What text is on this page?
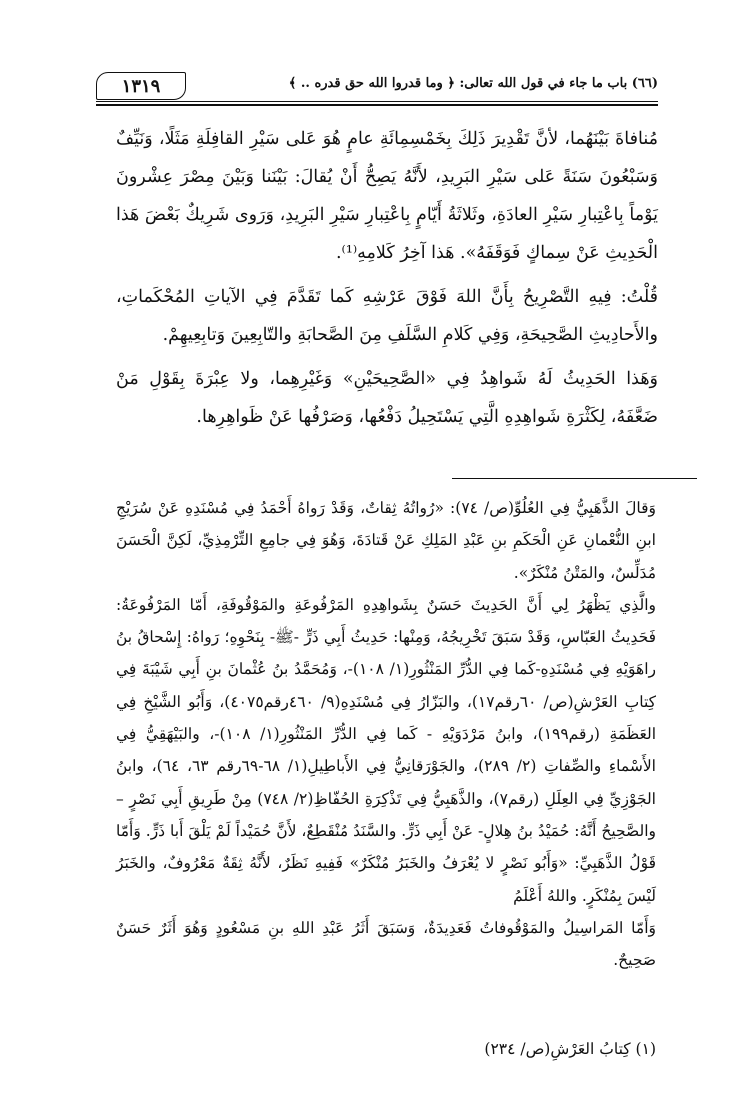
(٦٦) باب ما جاء في قول الله تعالى: ﴿ وما قدروا الله حق قدره .. ﴾
١٣١٩

مُنافاةَ بَيْنَهُما، لأنَّ تَقْدِيرَ ذَلِكَ بِخَمْسِمِائَةِ عامٍ هُوَ عَلى سَيْرِ القافِلَةِ مَثَلًا، وَنَيِّفٌ وَسَبْعُونَ سَنَةً عَلى سَيْرِ البَرِيدِ، لأَنَّهُ يَصِحُّ أَنْ يُقالَ: بَيْنَنا وَبَيْنَ مِصْرَ عِشْرونَ يَوْماً بِاعْتِبارِ سَيْرِ العادَةِ، وثَلاثَةُ أَيّامٍ بِاعْتِبارِ سَيْرِ البَرِيدِ، وَرَوى شَرِيكٌ بَعْضَ هَذا الْحَدِيثِ عَنْ سِماكٍ فَوَقَفَهُ». هَذا آخِرُ كَلامِهِ⁽¹⁾.

قُلْتُ: فِيهِ التَّصْرِيحُ بِأَنَّ اللهَ فَوْقَ عَرْشِهِ كَما تَقَدَّمَ فِي الآياتِ المُحْكَماتِ، والأَحادِيثِ الصَّحِيحَةِ، وَفِي كَلامِ السَّلَفِ مِنَ الصَّحابَةِ والتّابِعِينَ وَتابِعِيهِمْ.

وَهَذا الحَدِيثُ لَهُ شَواهِدُ فِي «الصَّحِيحَيْنِ» وَغَيْرِهِما، ولا عِبْرَةَ بِقَوْلِ مَنْ ضَعَّفَهُ، لِكَثْرَةِ شَواهِدِهِ الَّتِي يَسْتَحِيلُ دَفْعُها، وَصَرْفُها عَنْ ظَواهِرِها.

وَقالَ الذَّهَبِيُّ فِي العُلُوِّ(ص/ ٧٤): «رُواتُهُ ثِقاتٌ، وَقَدْ رَواهُ أَحْمَدُ فِي مُسْنَدِهِ عَنْ سُرَيْجِ ابنِ النُّعْمانِ عَنِ الْحَكَمِ بنِ عَبْدِ المَلِكِ عَنْ قَتادَةَ، وَهُوَ فِي جامِعِ التِّرْمِذِيِّ، لَكِنَّ الْحَسَنَ مُدَلِّسٌ، والمَتْنُ مُنْكَرٌ».

والَّذِي يَظْهَرُ لِي أَنَّ الحَدِيثَ حَسَنٌ بِشَواهِدِهِ المَرْفُوعَةِ والمَوْقُوفَةِ، أَمّا المَرْفُوعَةُ: فَحَدِيثُ العَبّاسِ، وَقَدْ سَبَقَ تَخْرِيجُهُ، وَمِنْها: حَدِيثُ أَبِي ذَرٍّ -ﷺ- بِنَحْوِهِ؛ رَواهُ: إِسْحاقُ بنُ راهَوَيْهِ فِي مُسْنَدِهِ-كَما فِي الدُّرِّ المَنْثُورِ(١/ ١٠٨)-، وَمُحَمَّدُ بنُ عُثْمانَ بنِ أَبِي شَيْبَةَ فِي كِتابِ العَرْشِ(ص/ ٦٠رقم١٧)، والبَزّارُ فِي مُسْنَدِهِ(٩/ ٤٦٠رقم٤٠٧٥)، وَأَبُو الشَّيْخِ فِي العَظَمَةِ (رقم١٩٩)، وابنُ مَرْدَوَيْهِ - كَما فِي الدُّرِّ المَنْثُورِ(١/ ١٠٨)-، والبَيْهَقِيُّ فِي الأَسْماءِ والصِّفاتِ (٢/ ٢٨٩)، والجَوْرَقانِيُّ فِي الأَباطِيلِ(١/ ٦٨-٦٩رقم ٦٣، ٦٤)، وابنُ الجَوْزِيِّ فِي العِلَلِ (رقم٧)، والذَّهَبِيُّ فِي تَذْكِرَةِ الحُفّاظِ(٢/ ٧٤٨) مِنْ طَرِيقِ أَبِي نَصْرٍ – والصَّحِيحُ أَنَّهُ: حُمَيْدُ بنُ هِلالٍ- عَنْ أَبِي ذَرٍّ. والسَّنَدُ مُنْقَطِعٌ، لأَنَّ حُمَيْداً لَمْ يَلْقَ أَبا ذَرٍّ. وَأَمّا قَوْلُ الذَّهَبِيِّ: «وَأَبُو نَصْرٍ لا يُعْرَفُ والخَبَرُ مُنْكَرٌ» فَفِيهِ نَظَرٌ، لأَنَّهُ ثِقَةٌ مَعْرُوفٌ، والخَبَرُ لَيْسَ بِمُنْكَرٍ. واللهُ أَعْلَمُ

وَأَمّا المَراسِيلُ والمَوْقُوفاتُ فَعَدِيدَةٌ، وَسَبَقَ أَثَرُ عَبْدِ اللهِ بنِ مَسْعُودٍ وَهُوَ أَثَرٌ حَسَنٌ صَحِيحٌ.

(١) كِتابُ العَرْشِ(ص/ ٢٣٤)
